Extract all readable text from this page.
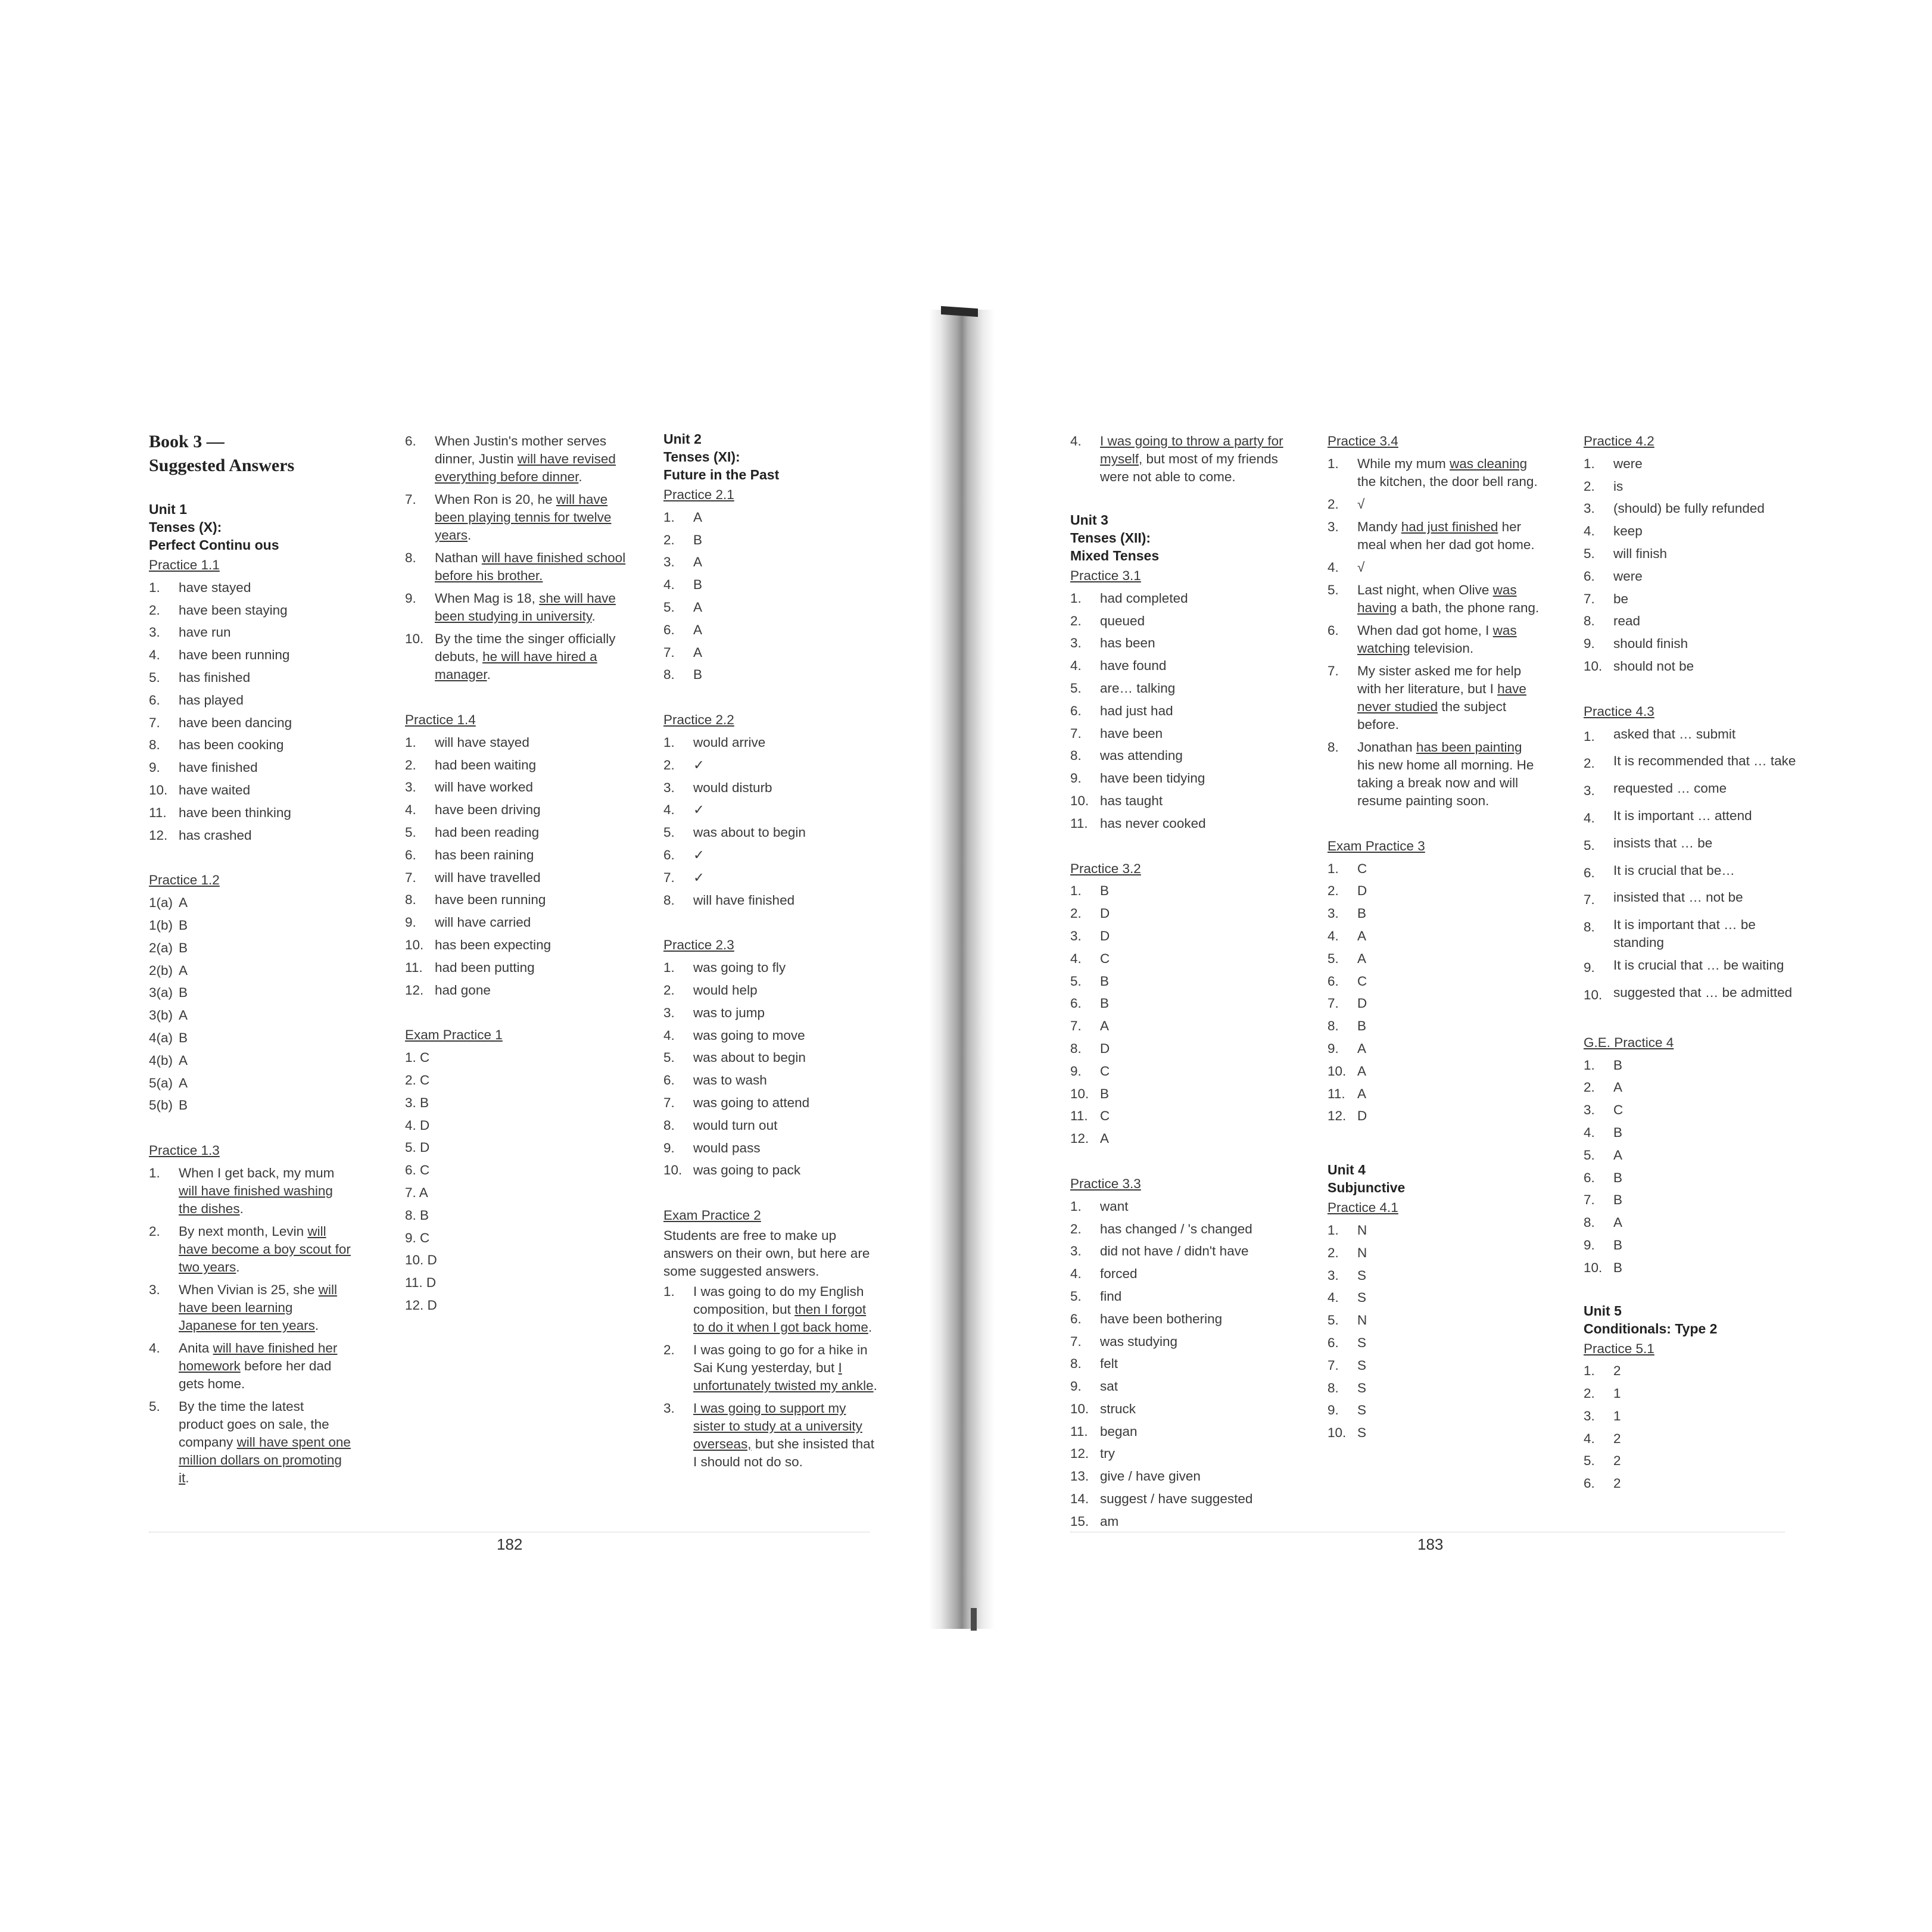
Book 3 —
Suggested Answers
Unit 1
Tenses (X):
Perfect Continu ous
Practice 1.1
1.	have stayed
2.	have been staying
3.	have run
4.	have been running
5.	has finished
6.	has played
7.	have been dancing
8.	has been cooking
9.	have finished
10. have waited
11. have been thinking
12. has crashed
Practice 1.2
1(a) A
1(b) B
2(a) B
2(b) A
3(a) B
3(b) A
4(a) B
4(b) A
5(a) A
5(b) B
Practice 1.3
1.	When I get back, my mum will have finished washing the dishes.
2.	By next month, Levin will have become a boy scout for two years.
3.	When Vivian is 25, she will have been learning Japanese for ten years.
4.	Anita will have finished her homework before her dad gets home.
5.	By the time the latest product goes on sale, the company will have spent one million dollars on promoting it.
6.	When Justin's mother serves dinner, Justin will have revised everything before dinner.
7.	When Ron is 20, he will have been playing tennis for twelve years.
8.	Nathan will have finished school before his brother.
9.	When Mag is 18, she will have been studying in university.
10. By the time the singer officially debuts, he will have hired a manager.
Practice 1.4
1.	will have stayed
2.	had been waiting
3.	will have worked
4.	have been driving
5.	had been reading
6.	has been raining
7.	will have travelled
8.	have been running
9.	will have carried
10. has been expecting
11. had been putting
12. had gone
Exam Practice 1
1. C
2. C
3. B
4. D
5. D
6. C
7. A
8. B
9. C
10. D
11. D
12. D
Unit 2
Tenses (XI):
Future in the Past
Practice 2.1
1.	A
2.	B
3.	A
4.	B
5.	A
6.	A
7.	A
8.	B
Practice 2.2
1.	would arrive
2.	✓
3.	would disturb
4.	✓
5.	was about to begin
6.	✓
7.	✓
8.	will have finished
Practice 2.3
1.	was going to fly
2.	would help
3.	was to jump
4.	was going to move
5.	was about to begin
6.	was to wash
7.	was going to attend
8.	would turn out
9.	would pass
10. was going to pack
Exam Practice 2
Students are free to make up answers on their own, but here are some suggested answers.
1.	I was going to do my English composition, but then I forgot to do it when I got back home.
2.	I was going to go for a hike in Sai Kung yesterday, but I unfortunately twisted my ankle.
3.	I was going to support my sister to study at a university overseas, but she insisted that I should not do so.
4.	I was going to throw a party for myself, but most of my friends were not able to come.
Unit 3
Tenses (XII):
Mixed Tenses
Practice 3.1
1.	had completed
2.	queued
3.	has been
4.	have found
5.	are… talking
6.	had just had
7.	have been
8.	was attending
9.	have been tidying
10. has taught
11. has never cooked
Practice 3.2
1.	B
2.	D
3.	D
4.	C
5.	B
6.	B
7.	A
8.	D
9.	C
10. B
11. C
12. A
Practice 3.3
1.	want
2.	has changed / 's changed
3.	did not have / didn't have
4.	forced
5.	find
6.	have been bothering
7.	was studying
8.	felt
9.	sat
10. struck
11. began
12. try
13. give / have given
14. suggest / have suggested
15. am
Practice 3.4
1.	While my mum was cleaning the kitchen, the door bell rang.
2.	√
3.	Mandy had just finished her meal when her dad got home.
4.	√
5.	Last night, when Olive was having a bath, the phone rang.
6.	When dad got home, I was watching television.
7.	My sister asked me for help with her literature, but I have never studied the subject before.
8.	Jonathan has been painting his new home all morning. He taking a break now and will resume painting soon.
Exam Practice 3
1.	C
2.	D
3.	B
4.	A
5.	A
6.	C
7.	D
8.	B
9.	A
10. A
11. A
12. D
Unit 4
Subjunctive
Practice 4.1
1.	N
2.	N
3.	S
4.	S
5.	N
6.	S
7.	S
8.	S
9.	S
10. S
Practice 4.2
1.	were
2.	is
3.	(should) be fully refunded
4.	keep
5.	will finish
6.	were
7.	be
8.	read
9.	should finish
10. should not be
Practice 4.3
1.	asked that … submit
2.	It is recommended that … take
3.	requested … come
4.	It is important … attend
5.	insists that … be
6.	It is crucial that be…
7.	insisted that … not be
8.	It is important that … be standing
9.	It is crucial that … be waiting
10. suggested that … be admitted
G.E. Practice 4
1.	B
2.	A
3.	C
4.	B
5.	A
6.	B
7.	B
8.	A
9.	B
10. B
Unit 5
Conditionals: Type 2
Practice 5.1
1.	2
2.	1
3.	1
4.	2
5.	2
6.	2
182	183
